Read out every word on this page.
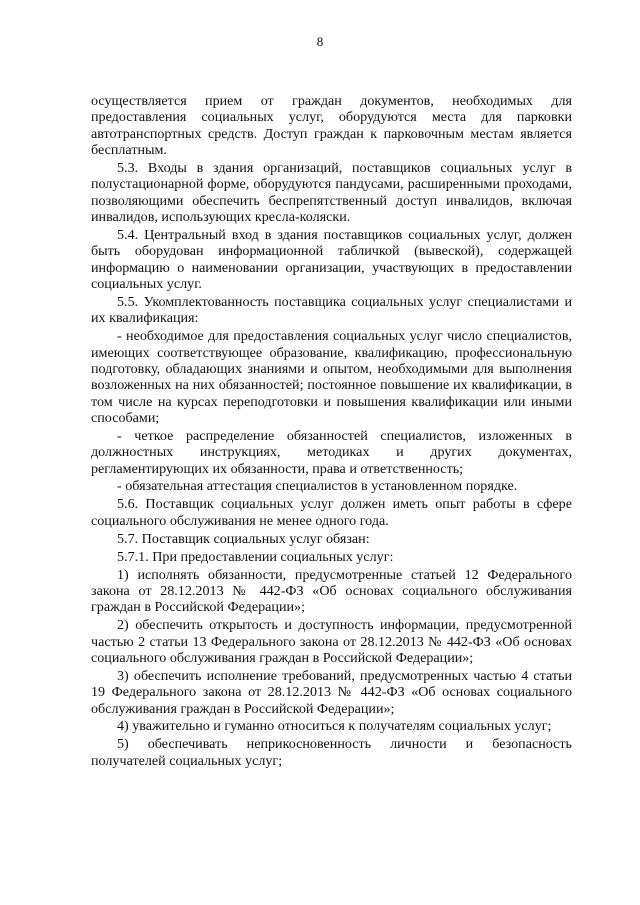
8

осуществляется прием от граждан документов, необходимых для предоставления социальных услуг, оборудуются места для парковки автотранспортных средств. Доступ граждан к парковочным местам является бесплатным.

5.3. Входы в здания организаций, поставщиков социальных услуг в полустационарной форме, оборудуются пандусами, расширенными проходами, позволяющими обеспечить беспрепятственный доступ инвалидов, включая инвалидов, использующих кресла-коляски.

5.4. Центральный вход в здания поставщиков социальных услуг, должен быть оборудован информационной табличкой (вывеской), содержащей информацию о наименовании организации, участвующих в предоставлении социальных услуг.

5.5. Укомплектованность поставщика социальных услуг специалистами и их квалификация:

- необходимое для предоставления социальных услуг число специалистов, имеющих соответствующее образование, квалификацию, профессиональную подготовку, обладающих знаниями и опытом, необходимыми для выполнения возложенных на них обязанностей; постоянное повышение их квалификации, в том числе на курсах переподготовки и повышения квалификации или иными способами;

- четкое распределение обязанностей специалистов, изложенных в должностных инструкциях, методиках и других документах, регламентирующих их обязанности, права и ответственность;

- обязательная аттестация специалистов в установленном порядке.

5.6. Поставщик социальных услуг должен иметь опыт работы в сфере социального обслуживания не менее одного года.

5.7. Поставщик социальных услуг обязан:

5.7.1. При предоставлении социальных услуг:

1) исполнять обязанности, предусмотренные статьей 12 Федерального закона от 28.12.2013 № 442-ФЗ «Об основах социального обслуживания граждан в Российской Федерации»;

2) обеспечить открытость и доступность информации, предусмотренной частью 2 статьи 13 Федерального закона от 28.12.2013 № 442-ФЗ «Об основах социального обслуживания граждан в Российской Федерации»;

3) обеспечить исполнение требований, предусмотренных частью 4 статьи 19 Федерального закона от 28.12.2013 № 442-ФЗ «Об основах социального обслуживания граждан в Российской Федерации»;

4) уважительно и гуманно относиться к получателям социальных услуг;

5) обеспечивать неприкосновенность личности и безопасность получателей социальных услуг;
